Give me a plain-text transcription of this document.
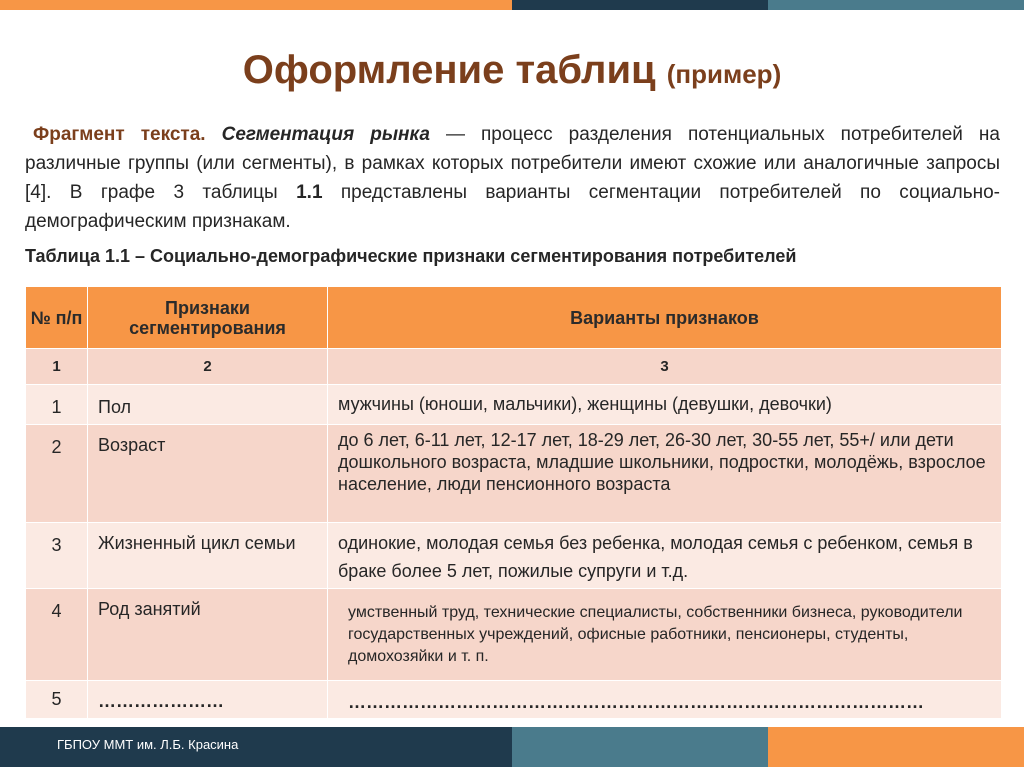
Оформление таблиц (пример)
Фрагмент текста. Сегментация рынка — процесс разделения потенциальных потребителей на различные группы (или сегменты), в рамках которых потребители имеют схожие или аналогичные запросы [4]. В графе 3 таблицы 1.1 представлены варианты сегментации потребителей по социально-демографическим признакам.
Таблица 1.1 – Социально-демографические признаки сегментирования потребителей
№ п/п	Признаки сегментирования	Варианты признаков
1	2	3
1	Пол	мужчины (юноши, мальчики), женщины (девушки, девочки)
2	Возраст	до 6 лет, 6-11 лет, 12-17 лет, 18-29 лет, 26-30 лет, 30-55 лет, 55+/ или дети дошкольного возраста, младшие школьники, подростки, молодёжь, взрослое население, люди пенсионного возраста
3	Жизненный цикл семьи	одинокие, молодая семья без ребенка, молодая семья с ребенком, семья в браке более 5 лет, пожилые супруги и т.д.
4	Род занятий	умственный труд, технические специалисты, собственники бизнеса, руководители государственных учреждений, офисные работники, пенсионеры, студенты, домохозяйки и т. п.
5	…………………	……………………………………………………………………………………
ГБПОУ ММТ им. Л.Б. Красина
